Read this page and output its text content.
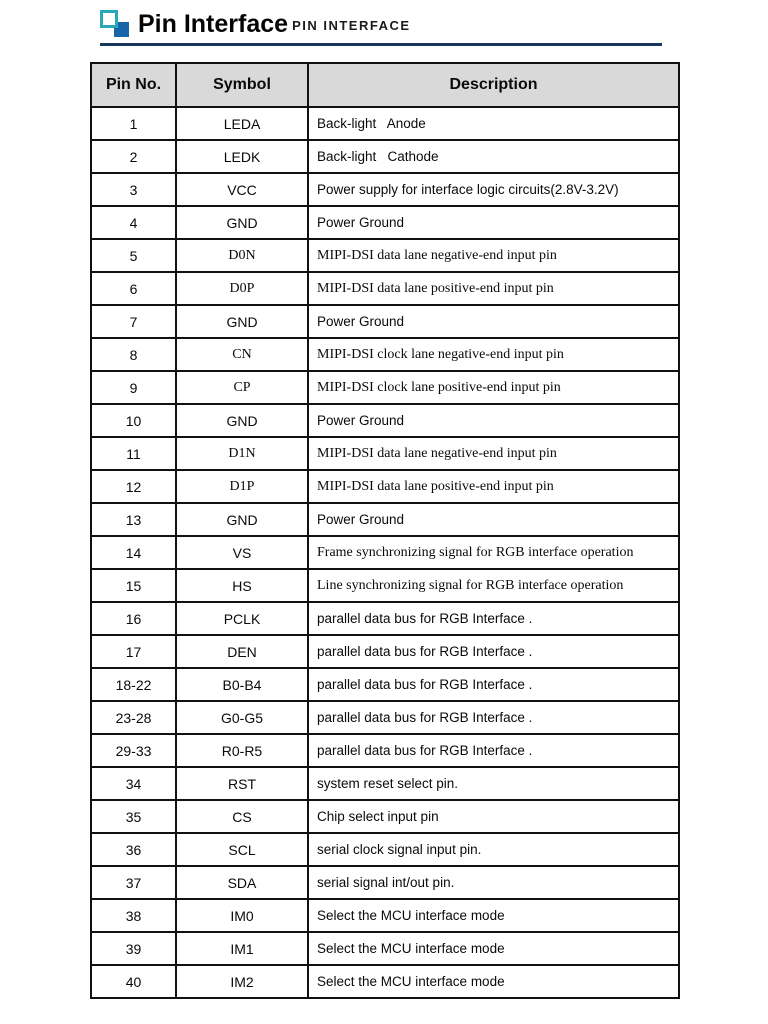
Pin Interface PIN INTERFACE
Pin No.	Symbol	Description
1	LEDA	Back-light   Anode
2	LEDK	Back-light   Cathode
3	VCC	Power supply for interface logic circuits(2.8V-3.2V)
4	GND	Power Ground
5	D0N	MIPI-DSI data lane negative-end input pin
6	D0P	MIPI-DSI data lane positive-end input pin
7	GND	Power Ground
8	CN	MIPI-DSI clock lane negative-end input pin
9	CP	MIPI-DSI clock lane positive-end input pin
10	GND	Power Ground
11	D1N	MIPI-DSI data lane negative-end input pin
12	D1P	MIPI-DSI data lane positive-end input pin
13	GND	Power Ground
14	VS	Frame synchronizing signal for RGB interface operation
15	HS	Line synchronizing signal for RGB interface operation
16	PCLK	parallel data bus for RGB Interface .
17	DEN	parallel data bus for RGB Interface .
18-22	B0-B4	parallel data bus for RGB Interface .
23-28	G0-G5	parallel data bus for RGB Interface .
29-33	R0-R5	parallel data bus for RGB Interface .
34	RST	system reset select pin.
35	CS	Chip select input pin
36	SCL	serial clock signal input pin.
37	SDA	serial signal int/out pin.
38	IM0	Select the MCU interface mode
39	IM1	Select the MCU interface mode
40	IM2	Select the MCU interface mode
